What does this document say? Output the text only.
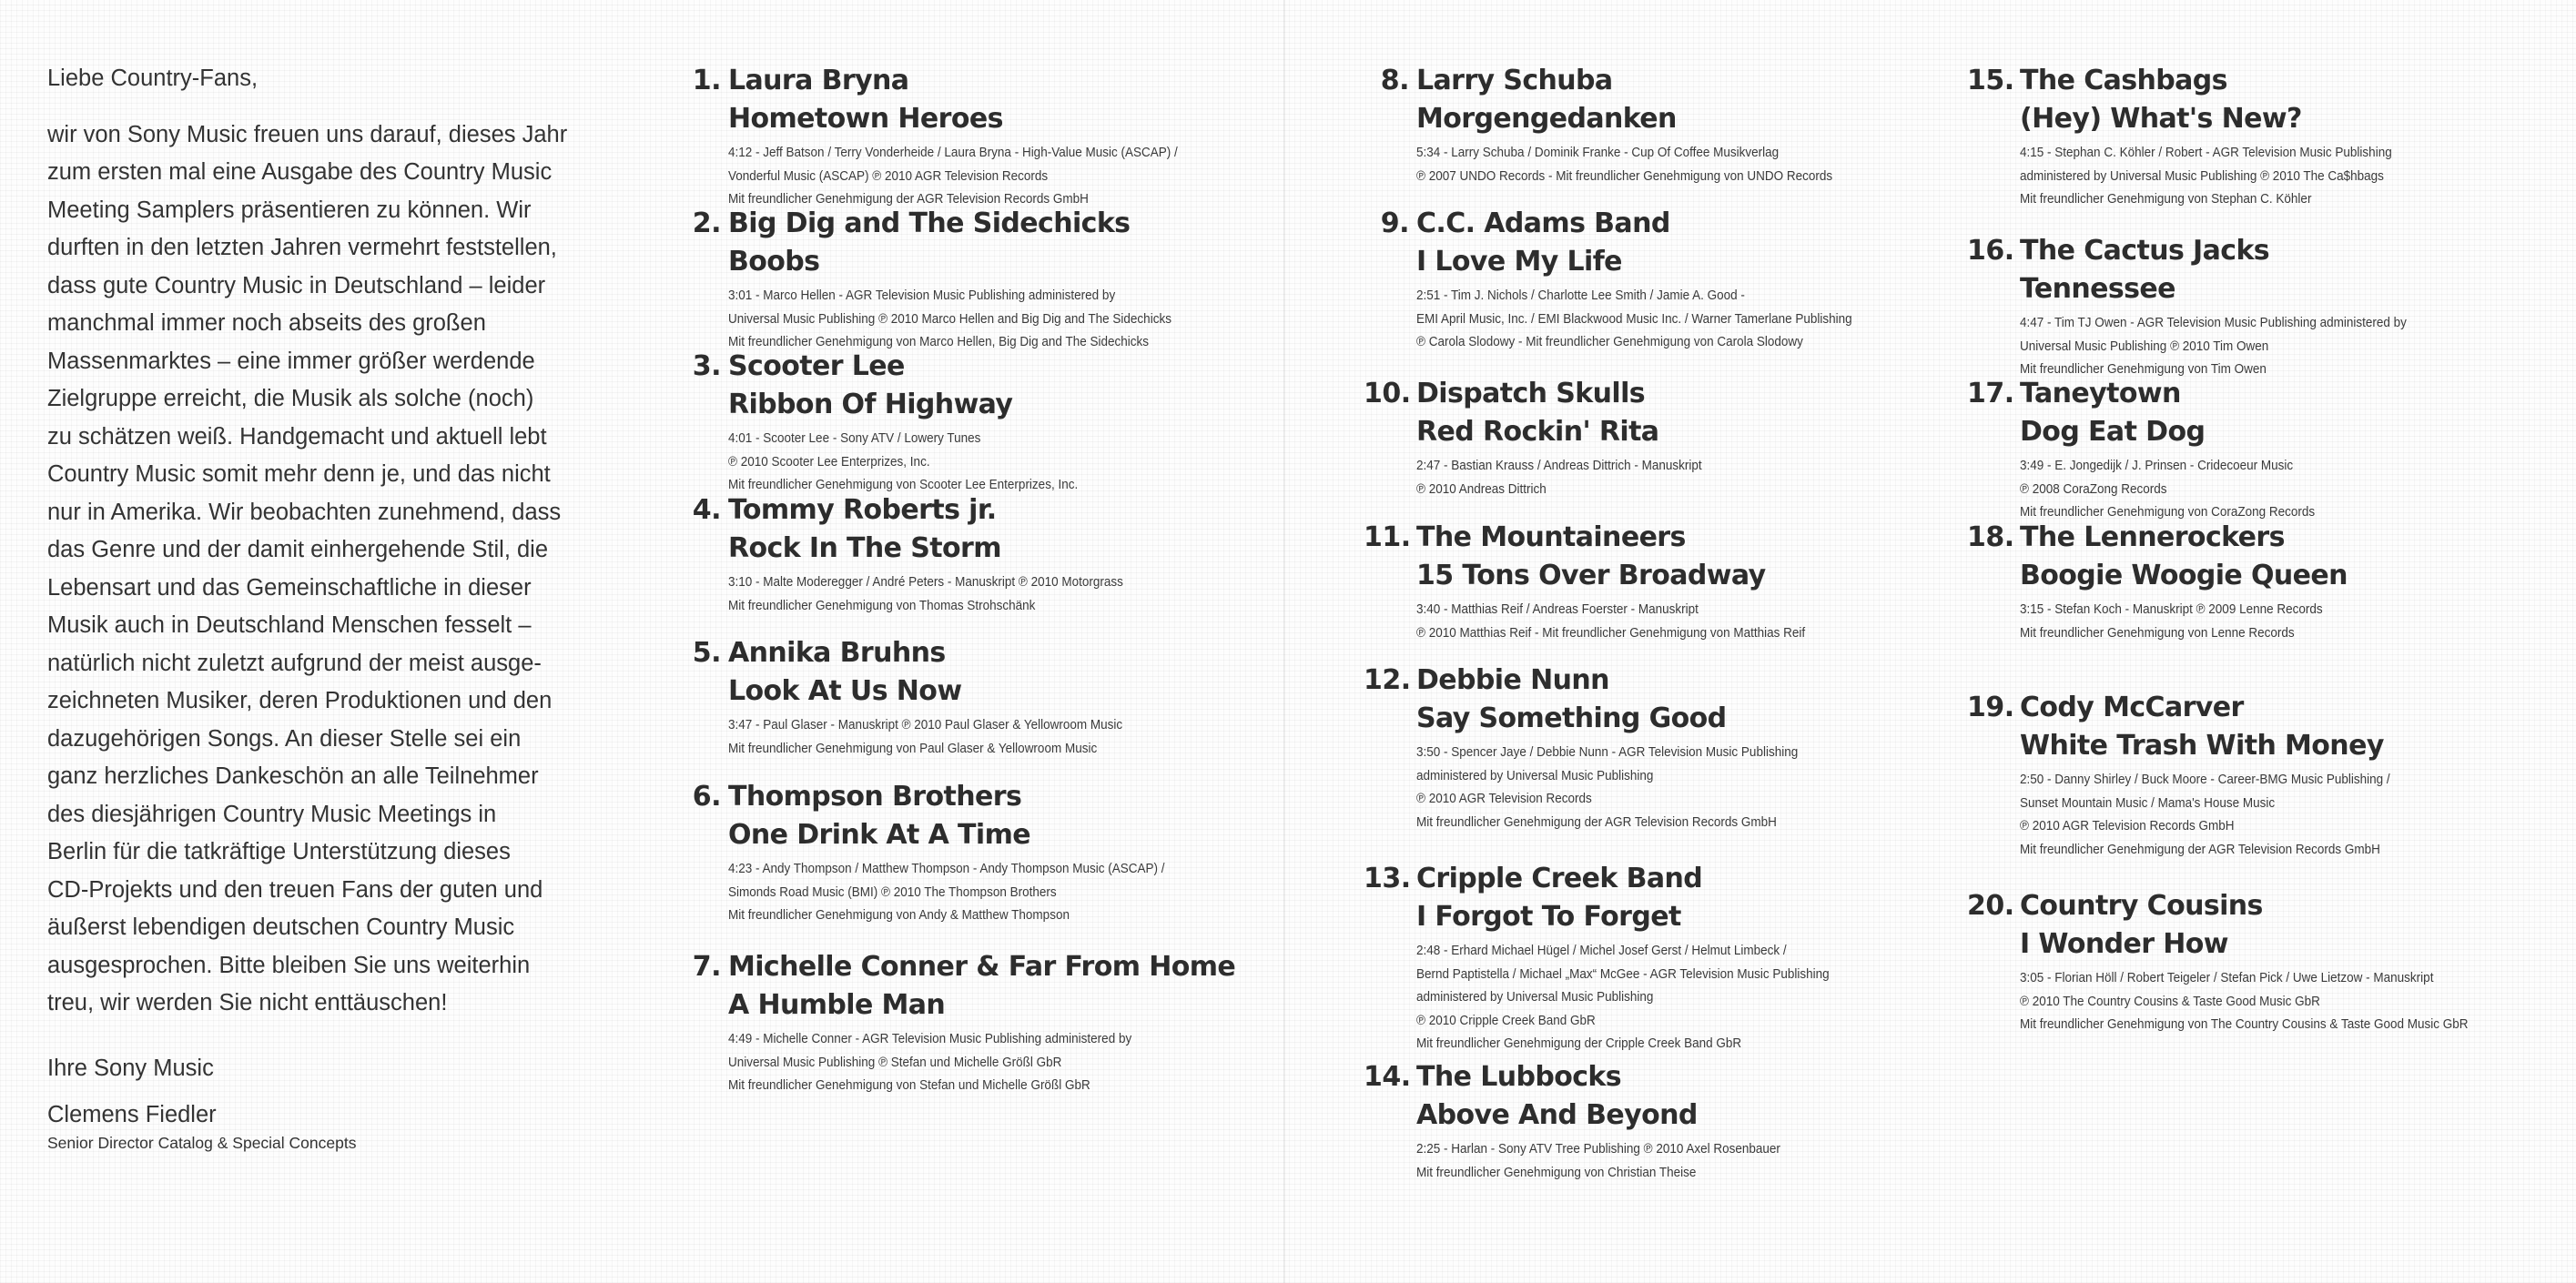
Liebe Country-Fans,

wir von Sony Music freuen uns darauf, dieses Jahr
zum ersten mal eine Ausgabe des Country Music
Meeting Samplers präsentieren zu können. Wir
durften in den letzten Jahren vermehrt feststellen,
dass gute Country Music in Deutschland – leider
manchmal immer noch abseits des großen
Massenmarktes – eine immer größer werdende
Zielgruppe erreicht, die Musik als solche (noch)
zu schätzen weiß. Handgemacht und aktuell lebt
Country Music somit mehr denn je, und das nicht
nur in Amerika. Wir beobachten zunehmend, dass
das Genre und der damit einhergehende Stil, die
Lebensart und das Gemeinschaftliche in dieser
Musik auch in Deutschland Menschen fesselt –
natürlich nicht zuletzt aufgrund der meist ausge-
zeichneten Musiker, deren Produktionen und den
dazugehörigen Songs. An dieser Stelle sei ein
ganz herzliches Dankeschön an alle Teilnehmer
des diesjährigen Country Music Meetings in
Berlin für die tatkräftige Unterstützung dieses
CD-Projekts und den treuen Fans der guten und
äußerst lebendigen deutschen Country Music
ausgesprochen. Bitte bleiben Sie uns weiterhin
treu, wir werden Sie nicht enttäuschen!

Ihre Sony Music

Clemens Fiedler

Senior Director Catalog & Special Concepts

1. Laura Bryna
Hometown Heroes
4:12 - Jeff Batson / Terry Vonderheide / Laura Bryna - High-Value Music (ASCAP) /
Vonderful Music (ASCAP) ℗ 2010 AGR Television Records
Mit freundlicher Genehmigung der AGR Television Records GmbH
2. Big Dig and The Sidechicks
Boobs
3:01 - Marco Hellen - AGR Television Music Publishing administered by
Universal Music Publishing ℗ 2010 Marco Hellen and Big Dig and The Sidechicks
Mit freundlicher Genehmigung von Marco Hellen, Big Dig and The Sidechicks
3. Scooter Lee
Ribbon Of Highway
4:01 - Scooter Lee - Sony ATV / Lowery Tunes
℗ 2010 Scooter Lee Enterprizes, Inc.
Mit freundlicher Genehmigung von Scooter Lee Enterprizes, Inc.
4. Tommy Roberts jr.
Rock In The Storm
3:10 - Malte Moderegger / André Peters - Manuskript ℗ 2010 Motorgrass
Mit freundlicher Genehmigung von Thomas Strohschänk
5. Annika Bruhns
Look At Us Now
3:47 - Paul Glaser - Manuskript ℗ 2010 Paul Glaser & Yellowroom Music
Mit freundlicher Genehmigung von Paul Glaser & Yellowroom Music
6. Thompson Brothers
One Drink At A Time
4:23 - Andy Thompson / Matthew Thompson - Andy Thompson Music (ASCAP) /
Simonds Road Music (BMI) ℗ 2010 The Thompson Brothers
Mit freundlicher Genehmigung von Andy & Matthew Thompson
7. Michelle Conner & Far From Home
A Humble Man
4:49 - Michelle Conner - AGR Television Music Publishing administered by
Universal Music Publishing ℗ Stefan und Michelle Größl GbR
Mit freundlicher Genehmigung von Stefan und Michelle Größl GbR
8. Larry Schuba
Morgengedanken
5:34 - Larry Schuba / Dominik Franke - Cup Of Coffee Musikverlag
℗ 2007 UNDO Records - Mit freundlicher Genehmigung von UNDO Records
9. C.C. Adams Band
I Love My Life
2:51 - Tim J. Nichols / Charlotte Lee Smith / Jamie A. Good -
EMI April Music, Inc. / EMI Blackwood Music Inc. / Warner Tamerlane Publishing
℗ Carola Slodowy - Mit freundlicher Genehmigung von Carola Slodowy
10. Dispatch Skulls
Red Rockin' Rita
2:47 - Bastian Krauss / Andreas Dittrich - Manuskript
℗ 2010 Andreas Dittrich
11. The Mountaineers
15 Tons Over Broadway
3:40 - Matthias Reif / Andreas Foerster - Manuskript
℗ 2010 Matthias Reif - Mit freundlicher Genehmigung von Matthias Reif
12. Debbie Nunn
Say Something Good
3:50 - Spencer Jaye / Debbie Nunn - AGR Television Music Publishing
administered by Universal Music Publishing
℗ 2010 AGR Television Records
Mit freundlicher Genehmigung der AGR Television Records GmbH
13. Cripple Creek Band
I Forgot To Forget
2:48 - Erhard Michael Hügel / Michel Josef Gerst / Helmut Limbeck /
Bernd Paptistella / Michael „Max“ McGee - AGR Television Music Publishing
administered by Universal Music Publishing
℗ 2010 Cripple Creek Band GbR
Mit freundlicher Genehmigung der Cripple Creek Band GbR
14. The Lubbocks
Above And Beyond
2:25 - Harlan - Sony ATV Tree Publishing ℗ 2010 Axel Rosenbauer
Mit freundlicher Genehmigung von Christian Theise
15. The Cashbags
(Hey) What's New?
4:15 - Stephan C. Köhler / Robert - AGR Television Music Publishing
administered by Universal Music Publishing ℗ 2010 The Ca$hbags
Mit freundlicher Genehmigung von Stephan C. Köhler
16. The Cactus Jacks
Tennessee
4:47 - Tim TJ Owen - AGR Television Music Publishing administered by
Universal Music Publishing ℗ 2010 Tim Owen
Mit freundlicher Genehmigung von Tim Owen
17. Taneytown
Dog Eat Dog
3:49 - E. Jongedijk / J. Prinsen - Cridecoeur Music
℗ 2008 CoraZong Records
Mit freundlicher Genehmigung von CoraZong Records
18. The Lennerockers
Boogie Woogie Queen
3:15 - Stefan Koch - Manuskript ℗ 2009 Lenne Records
Mit freundlicher Genehmigung von Lenne Records
19. Cody McCarver
White Trash With Money
2:50 - Danny Shirley / Buck Moore - Career-BMG Music Publishing /
Sunset Mountain Music / Mama's House Music
℗ 2010 AGR Television Records GmbH
Mit freundlicher Genehmigung der AGR Television Records GmbH
20. Country Cousins
I Wonder How
3:05 - Florian Höll / Robert Teigeler / Stefan Pick / Uwe Lietzow - Manuskript
℗ 2010 The Country Cousins & Taste Good Music GbR
Mit freundlicher Genehmigung von The Country Cousins & Taste Good Music GbR
